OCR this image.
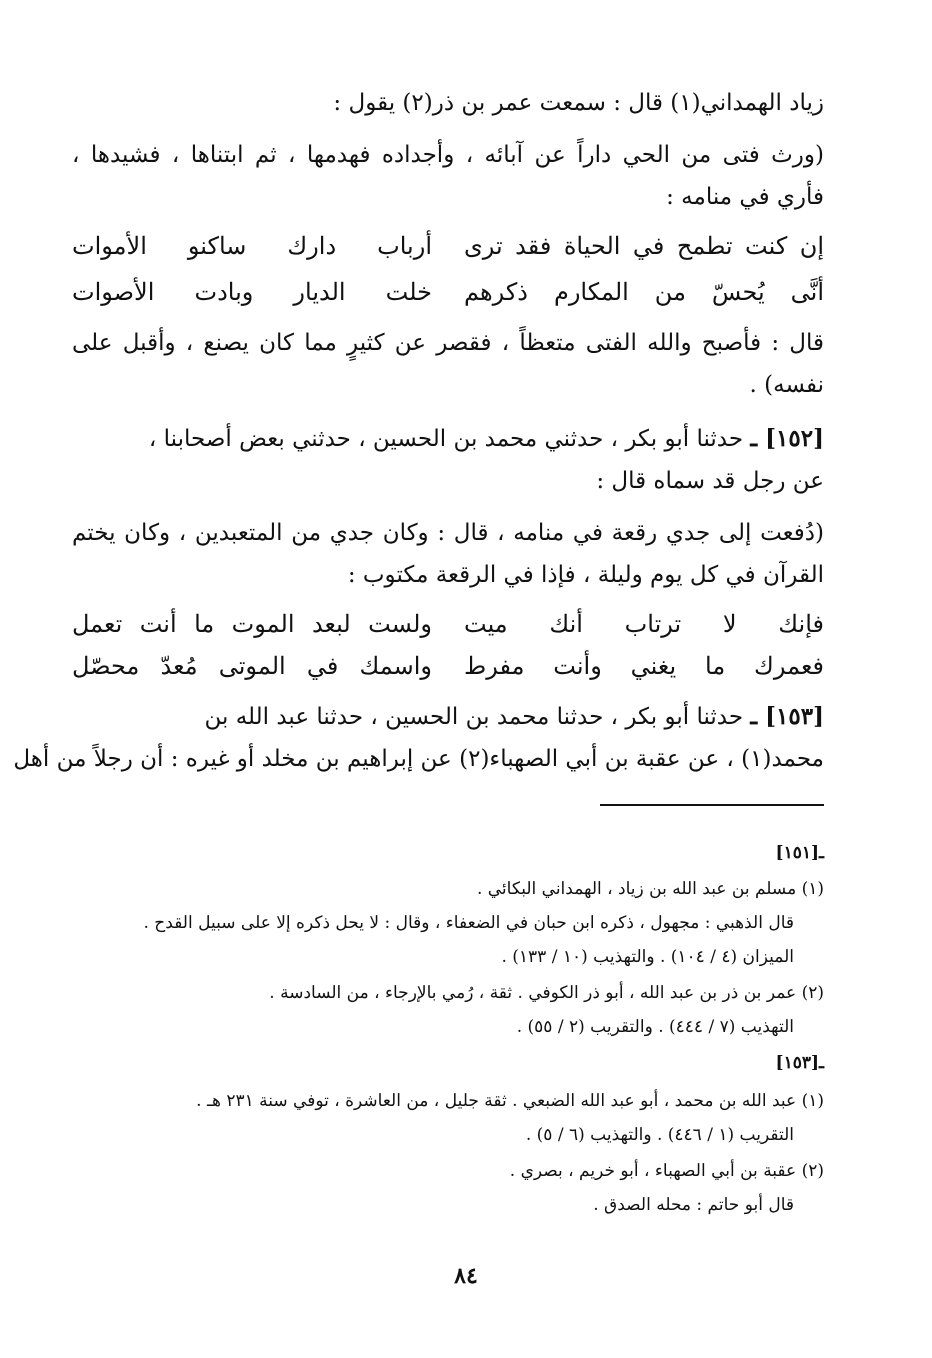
زياد الهمداني(١) قال : سمعت عمر بن ذر(٢) يقول :
(ورث فتى من الحي داراً عن آبائه ، وأجداده فهدمها ، ثم ابتناها ، فشيدها ،
فأري في منامه :
إن كنت تطمح في الحياة فقد ترى
أرباب دارك ساكنو الأموات
أنَّى يُحسّ من المكارم ذكرهم
خلت الديار وبادت الأصوات
قال : فأصبح والله الفتى متعظاً ، فقصر عن كثيرٍ مما كان يصنع ، وأقبل على
نفسه) .
[١٥٢] ـ حدثنا أبو بكر ، حدثني محمد بن الحسين ، حدثني بعض أصحابنا ،
عن رجل قد سماه قال :
(دُفعت إلى جدي رقعة في منامه ، قال : وكان جدي من المتعبدين ، وكان يختم
القرآن في كل يوم وليلة ، فإذا في الرقعة مكتوب :
فإنك لا ترتاب أنك ميت
ولست لبعد الموت ما أنت تعمل
فعمرك ما يغني وأنت مفرط
واسمك في الموتى مُعدّ محصّل
[١٥٣] ـ حدثنا أبو بكر ، حدثنا محمد بن الحسين ، حدثنا عبد الله بن
محمد(١) ، عن عقبة بن أبي الصهباء(٢) عن إبراهيم بن مخلد أو غيره : أن رجلاً من أهل
ـ[١٥١]
(١) مسلم بن عبد الله بن زياد ، الهمداني البكائي .
قال الذهبي : مجهول ، ذكره ابن حبان في الضعفاء ، وقال : لا يحل ذكره إلا على سبيل القدح .
الميزان (٤ / ١٠٤) . والتهذيب (١٠ / ١٣٣) .
(٢) عمر بن ذر بن عبد الله ، أبو ذر الكوفي . ثقة ، رُمي بالإرجاء ، من السادسة .
التهذيب (٧ / ٤٤٤) . والتقريب (٢ / ٥٥) .
ـ[١٥٣]
(١) عبد الله بن محمد ، أبو عبد الله الضبعي . ثقة جليل ، من العاشرة ، توفي سنة ٢٣١ هـ .
التقريب (١ / ٤٤٦) . والتهذيب (٦ / ٥) .
(٢) عقبة بن أبي الصهباء ، أبو خريم ، بصري .
قال أبو حاتم : محله الصدق .
٨٤
